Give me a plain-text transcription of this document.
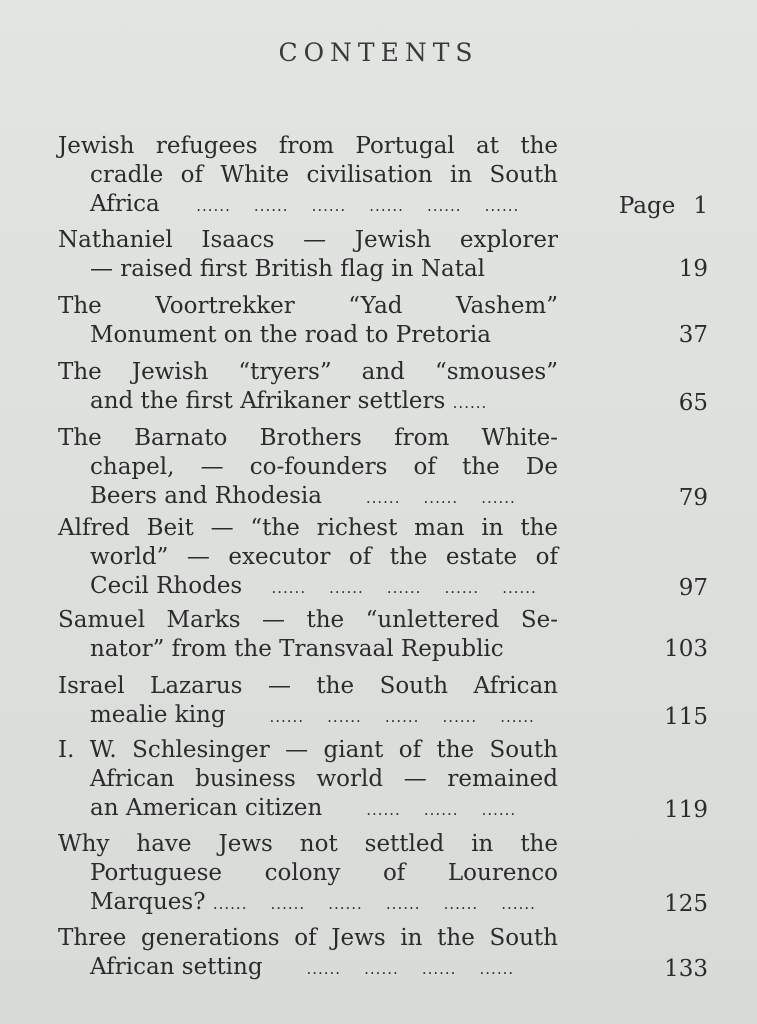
CONTENTS
Jewish refugees from Portugal at the
cradle of White civilisation in South
Africa ......    ......    ......    ......    ......    ......	Page 1
Nathaniel Isaacs — Jewish explorer
— raised first British flag in Natal	19
The Voortrekker “Yad Vashem”
Monument on the road to Pretoria	37
The Jewish “tryers” and “smouses”
and the first Afrikaner settlers ......	65
The Barnato Brothers from White-
chapel, — co-founders of the De
Beers and Rhodesia	......    ......    ......	79
Alfred Beit — “the richest man in the
world” — executor of the estate of
Cecil Rhodes ......    ......    ......    ......    ......	97
Samuel Marks — the “unlettered Se-
nator” from the Transvaal Republic	103
Israel Lazarus — the South African
mealie king	......    ......    ......    ......    ......	115
I. W. Schlesinger — giant of the South
African business world — remained
an American citizen	......    ......    ......	119
Why have Jews not settled in the
Portuguese colony of Lourenco
Marques? ......    ......    ......    ......    ......    ......	125
Three generations of Jews in the South
African setting	......    ......    ......    ......	133
